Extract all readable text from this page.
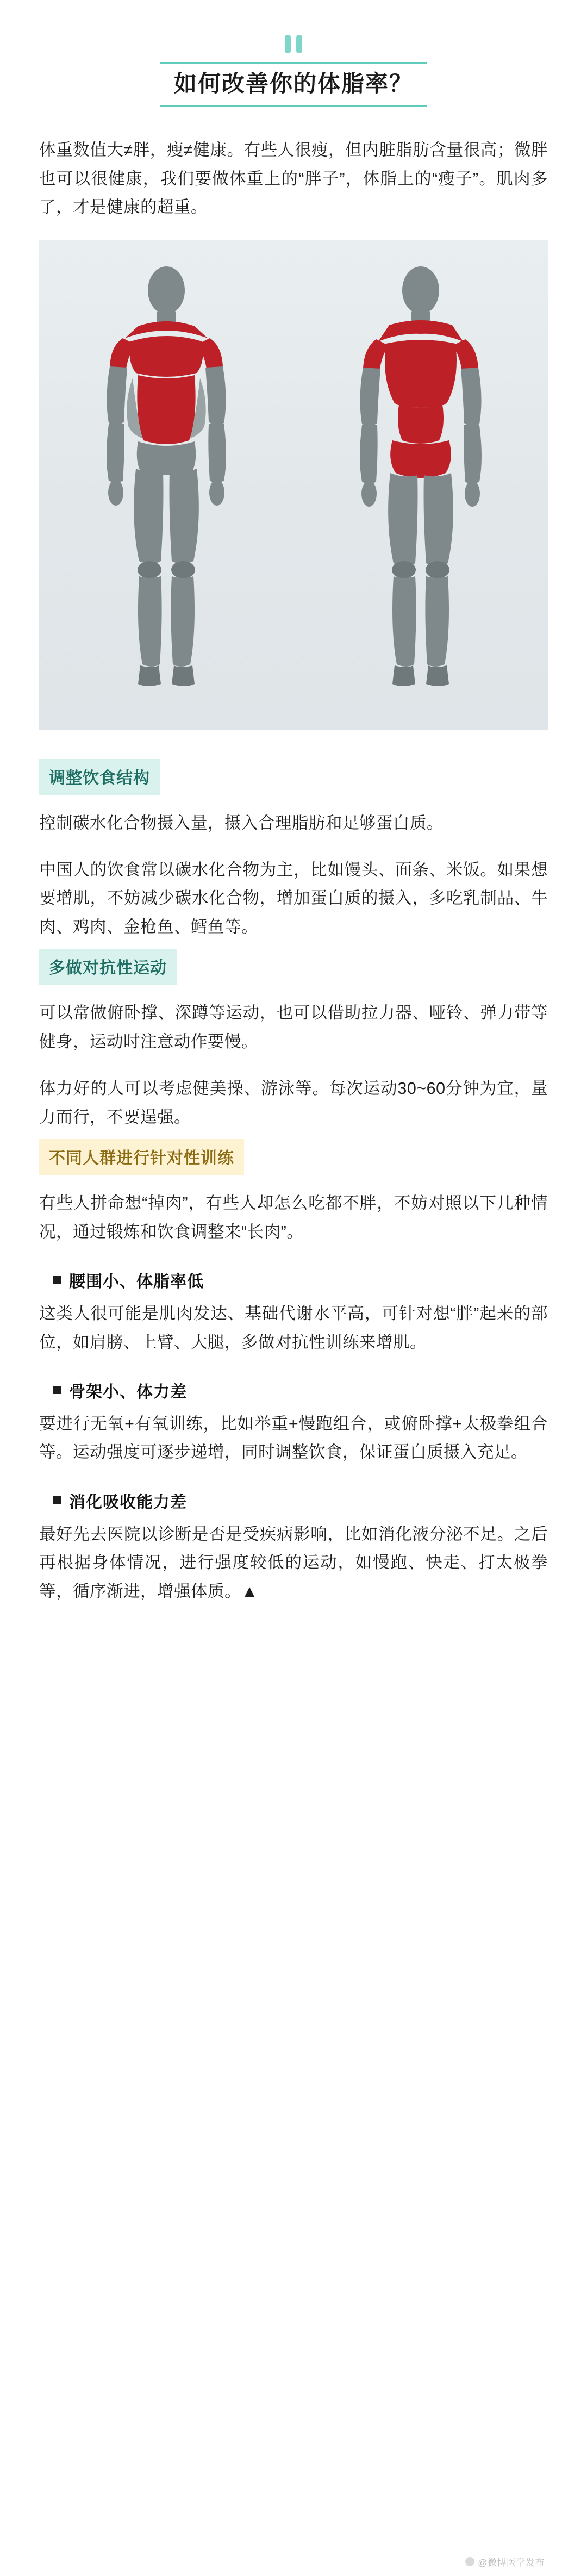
如何改善你的体脂率？

体重数值大≠胖，瘦≠健康。有些人很瘦，但内脏脂肪含量很高；微胖也可以很健康，我们要做体重上的“胖子”，体脂上的“瘦子”。肌肉多了，才是健康的超重。

调整饮食结构

控制碳水化合物摄入量，摄入合理脂肪和足够蛋白质。

中国人的饮食常以碳水化合物为主，比如馒头、面条、米饭。如果想要增肌，不妨减少碳水化合物，增加蛋白质的摄入，多吃乳制品、牛肉、鸡肉、金枪鱼、鳕鱼等。

多做对抗性运动

可以常做俯卧撑、深蹲等运动，也可以借助拉力器、哑铃、弹力带等健身，运动时注意动作要慢。

体力好的人可以考虑健美操、游泳等。每次运动30~60分钟为宜，量力而行，不要逞强。

不同人群进行针对性训练

有些人拼命想“掉肉”，有些人却怎么吃都不胖，不妨对照以下几种情况，通过锻炼和饮食调整来“长肉”。

腰围小、体脂率低

这类人很可能是肌肉发达、基础代谢水平高，可针对想“胖”起来的部位，如肩膀、上臂、大腿，多做对抗性训练来增肌。

骨架小、体力差

要进行无氧+有氧训练，比如举重+慢跑组合，或俯卧撑+太极拳组合等。运动强度可逐步递增，同时调整饮食，保证蛋白质摄入充足。

消化吸收能力差

最好先去医院以诊断是否是受疾病影响，比如消化液分泌不足。之后再根据身体情况，进行强度较低的运动，如慢跑、快走、打太极拳等，循序渐进，增强体质。▲

@微博医学发布
